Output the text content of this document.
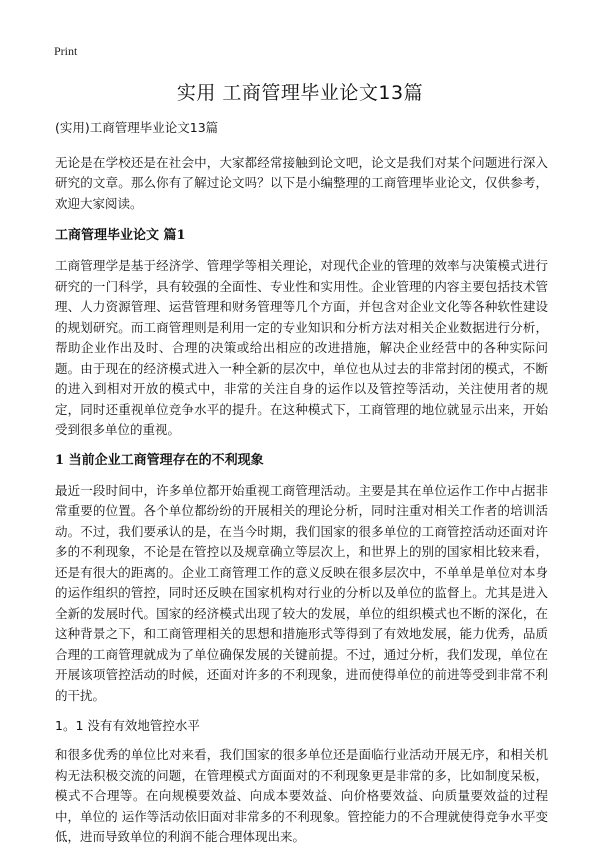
Print
实用 工商管理毕业论文13篇

(实用)工商管理毕业论文13篇

无论是在学校还是在社会中，大家都经常接触到论文吧，论文是我们对某个问题进行深入研究的文章。那么你有了解过论文吗？以下是小编整理的工商管理毕业论文，仅供参考，欢迎大家阅读。

工商管理毕业论文 篇1

工商管理学是基于经济学、管理学等相关理论，对现代企业的管理的效率与决策模式进行研究的一门科学，具有较强的全面性、专业性和实用性。企业管理的内容主要包括技术管理、人力资源管理、运营管理和财务管理等几个方面，并包含对企业文化等各种软性建设的规划研究。而工商管理则是利用一定的专业知识和分析方法对相关企业数据进行分析，帮助企业作出及时、合理的决策或给出相应的改进措施，解决企业经营中的各种实际问题。由于现在的经济模式进入一种全新的层次中，单位也从过去的非常封闭的模式，不断的进入到相对开放的模式中，非常的关注自身的运作以及管控等活动，关注使用者的规定，同时还重视单位竞争水平的提升。在这种模式下，工商管理的地位就显示出来，开始受到很多单位的重视。

1 当前企业工商管理存在的不利现象

最近一段时间中，许多单位都开始重视工商管理活动。主要是其在单位运作工作中占据非常重要的位置。各个单位都纷纷的开展相关的理论分析，同时注重对相关工作者的培训活动。不过，我们要承认的是，在当今时期，我们国家的很多单位的工商管控活动还面对许多的不利现象，不论是在管控以及规章确立等层次上，和世界上的别的国家相比较来看，还是有很大的距离的。企业工商管理工作的意义反映在很多层次中，不单单是单位对本身的运作组织的管控，同时还反映在国家机构对行业的分析以及单位的监督上。尤其是进入全新的发展时代。国家的经济模式出现了较大的发展，单位的组织模式也不断的深化，在这种背景之下，和工商管理相关的思想和措施形式等得到了有效地发展，能力优秀，品质合理的工商管理就成为了单位确保发展的关键前提。不过，通过分析，我们发现，单位在开展该项管控活动的时候，还面对许多的不利现象，进而使得单位的前进等受到非常不利的干扰。

1。1 没有有效地管控水平

和很多优秀的单位比对来看，我们国家的很多单位还是面临行业活动开展无序，和相关机构无法积极交流的问题，在管理模式方面面对的不利现象更是非常的多，比如制度呆板，模式不合理等。在向规模要效益、向成本要效益、向价格要效益、向质量要效益的过程中，单位的 运作等活动依旧面对非常多的不利现象。管控能力的不合理就使得竞争水平变低，进而导致单位的利润不能合理体现出来。
